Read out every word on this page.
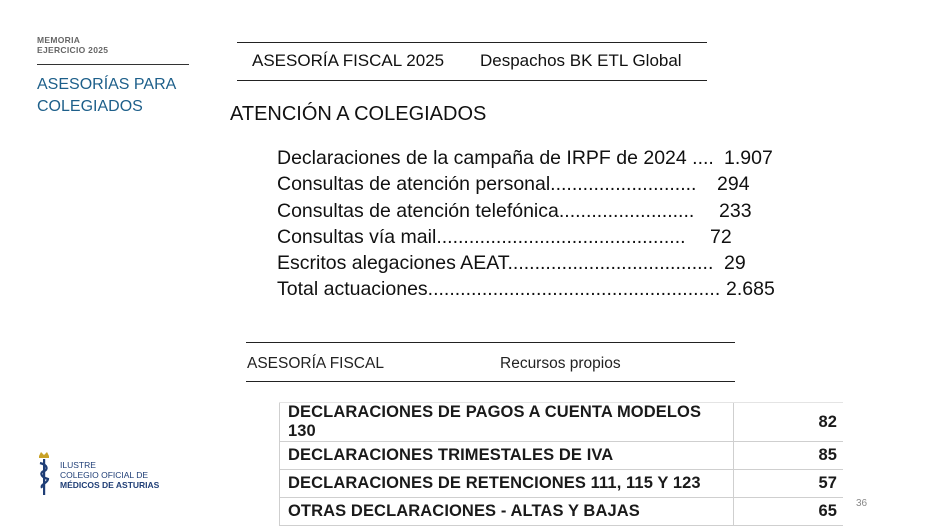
MEMORIA
EJERCICIO 2025
ASESORÍAS PARA
COLEGIADOS
ILUSTRE
COLEGIO OFICIAL DE
MÉDICOS DE ASTURIAS
ASESORÍA FISCAL 2025 Despachos BK ETL Global
ATENCIÓN A COLEGIADOS
Declaraciones de la campaña de IRPF de 2024 .... 1.907
Consultas de atención personal........................... 294
Consultas de atención telefónica......................... 233
Consultas vía mail.............................................. 72
Escritos alegaciones AEAT...................................... 29
Total actuaciones...................................................... 2.685
ASESORÍA FISCAL	Recursos propios
DECLARACIONES DE PAGOS A CUENTA MODELOS 130	82
DECLARACIONES TRIMESTALES DE IVA	85
DECLARACIONES DE RETENCIONES 111, 115 Y 123	57
OTRAS DECLARACIONES - ALTAS Y BAJAS	65 36
